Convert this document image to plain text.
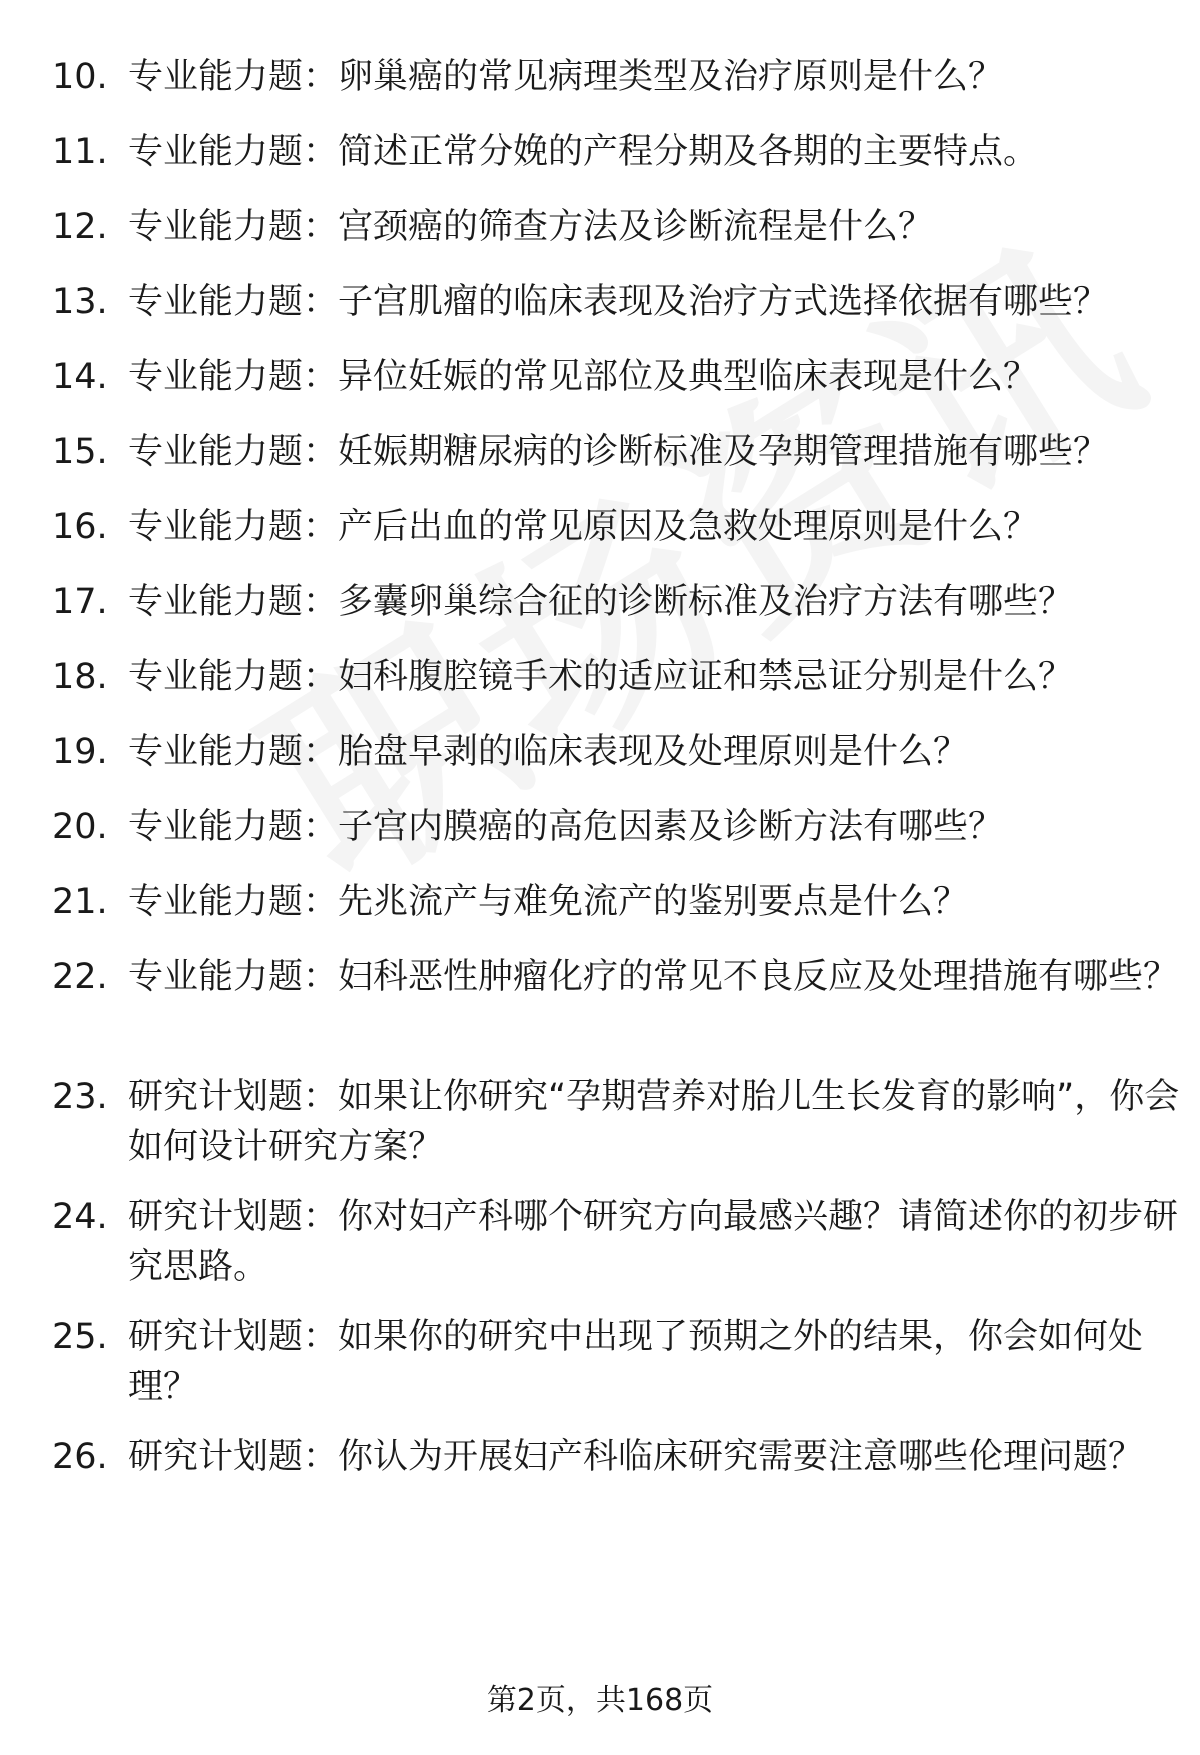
10. 专业能力题：卵巢癌的常见病理类型及治疗原则是什么？
11. 专业能力题：简述正常分娩的产程分期及各期的主要特点。
12. 专业能力题：宫颈癌的筛查方法及诊断流程是什么？
13. 专业能力题：子宫肌瘤的临床表现及治疗方式选择依据有哪些？
14. 专业能力题：异位妊娠的常见部位及典型临床表现是什么？
15. 专业能力题：妊娠期糖尿病的诊断标准及孕期管理措施有哪些？
16. 专业能力题：产后出血的常见原因及急救处理原则是什么？
17. 专业能力题：多囊卵巢综合征的诊断标准及治疗方法有哪些？
18. 专业能力题：妇科腹腔镜手术的适应证和禁忌证分别是什么？
19. 专业能力题：胎盘早剥的临床表现及处理原则是什么？
20. 专业能力题：子宫内膜癌的高危因素及诊断方法有哪些？
21. 专业能力题：先兆流产与难免流产的鉴别要点是什么？
22. 专业能力题：妇科恶性肿瘤化疗的常见不良反应及处理措施有哪些？
23. 研究计划题：如果让你研究“孕期营养对胎儿生长发育的影响”，你会如何设计研究方案？
24. 研究计划题：你对妇产科哪个研究方向最感兴趣？请简述你的初步研究思路。
25. 研究计划题：如果你的研究中出现了预期之外的结果，你会如何处理？
26. 研究计划题：你认为开展妇产科临床研究需要注意哪些伦理问题？
第2页，共168页
